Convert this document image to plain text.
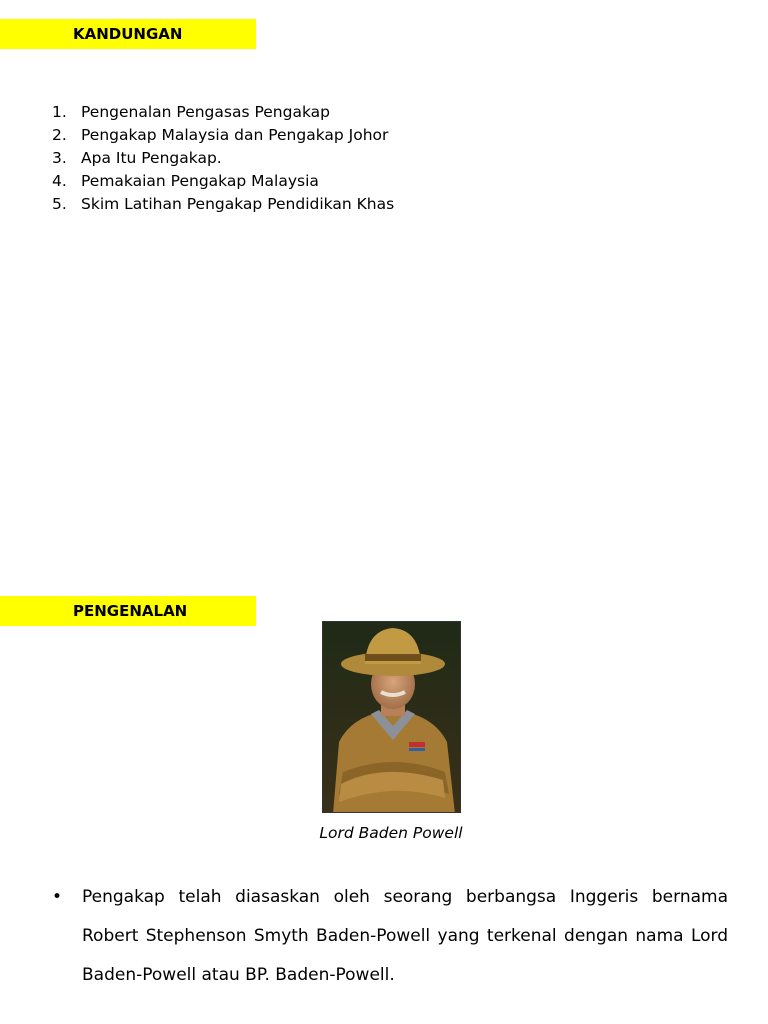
KANDUNGAN
1. Pengenalan Pengasas Pengakap
2. Pengakap Malaysia dan Pengakap Johor
3. Apa Itu Pengakap.
4. Pemakaian Pengakap Malaysia
5. Skim Latihan Pengakap Pendidikan Khas
PENGENALAN
Lord Baden Powell
• Pengakap telah diasaskan oleh seorang berbangsa Inggeris bernama Robert Stephenson Smyth Baden-Powell yang terkenal dengan nama Lord Baden-Powell atau BP. Baden-Powell.
